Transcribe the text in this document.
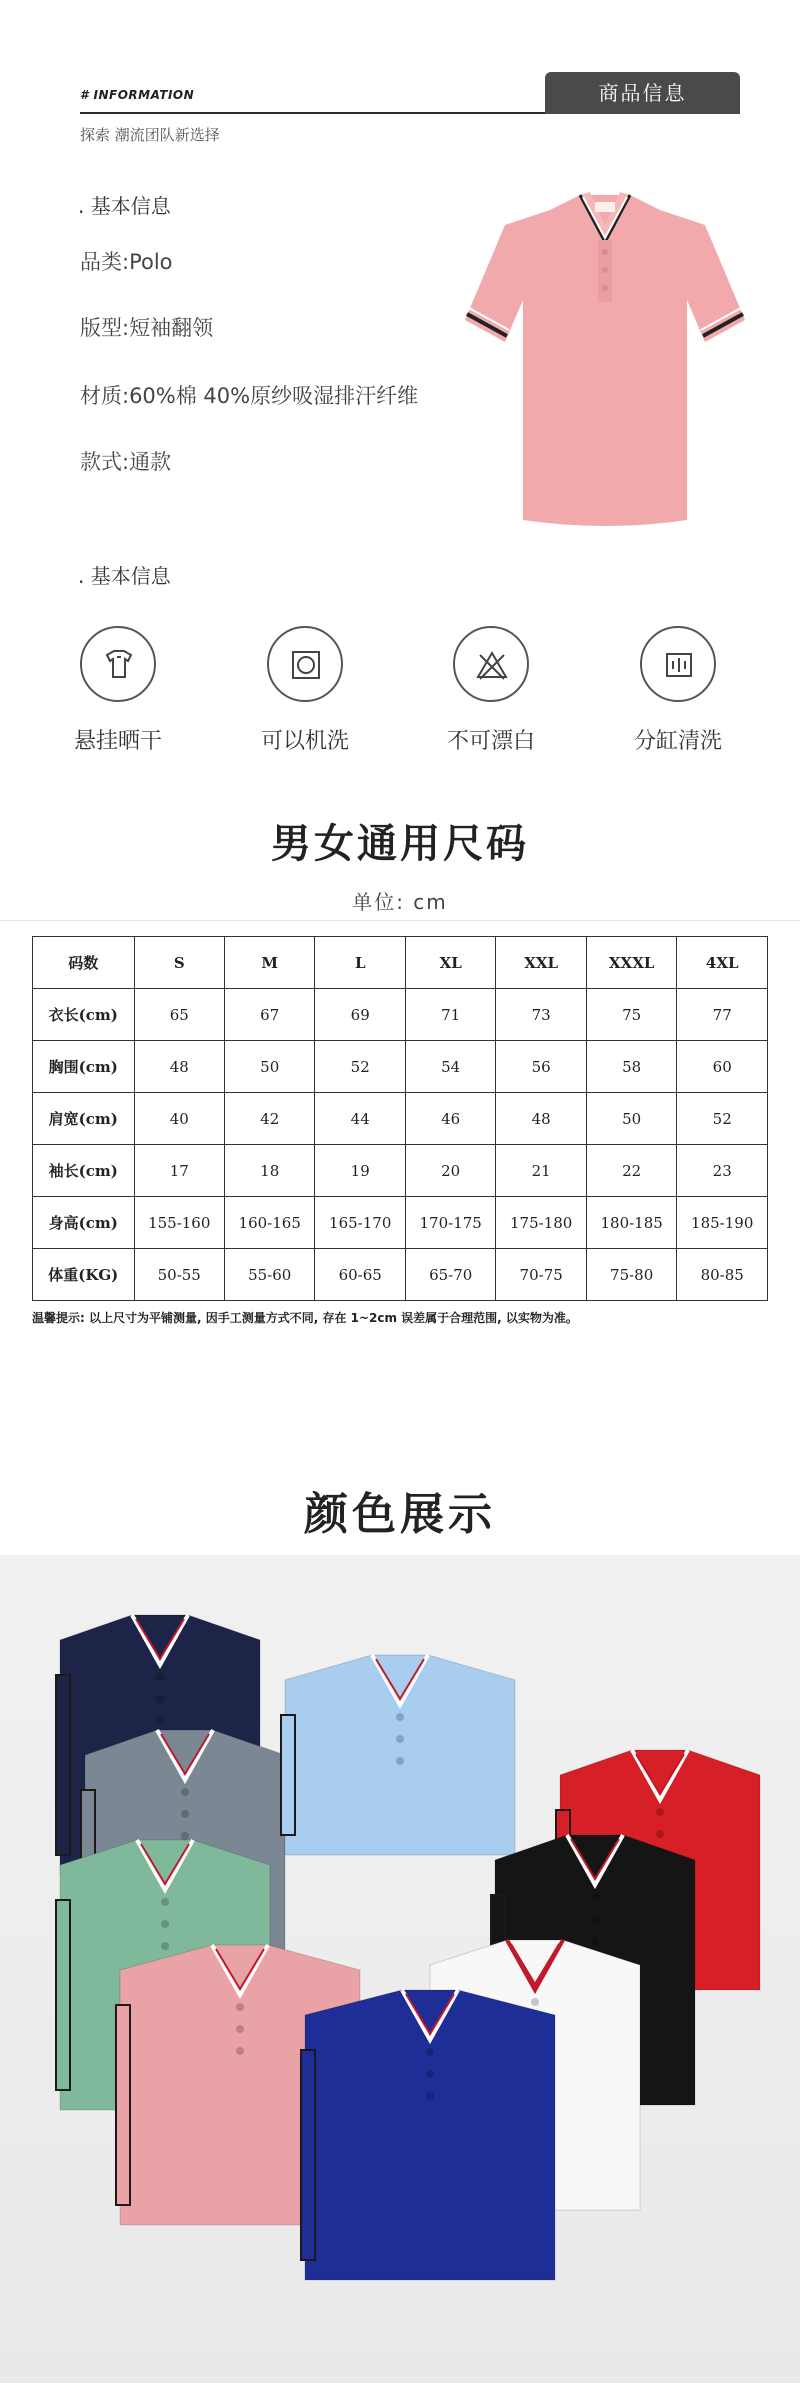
# INFORMATION	商品信息
探索 潮流团队新选择
. 基本信息
品类:Polo
版型:短袖翻领
材质:60%棉 40%原纱吸湿排汗纤维
款式:通款
. 基本信息
悬挂晒干	可以机洗	不可漂白	分缸清洗
男女通用尺码
单位: cm
码数	S	M	L	XL	XXL	XXXL	4XL
衣长(cm)	65	67	69	71	73	75	77
胸围(cm)	48	50	52	54	56	58	60
肩宽(cm)	40	42	44	46	48	50	52
袖长(cm)	17	18	19	20	21	22	23
身高(cm)	155-160	160-165	165-170	170-175	175-180	180-185	185-190
体重(KG)	50-55	55-60	60-65	65-70	70-75	75-80	80-85
温馨提示: 以上尺寸为平铺测量, 因手工测量方式不同, 存在 1~2cm 误差属于合理范围, 以实物为准。
颜色展示
